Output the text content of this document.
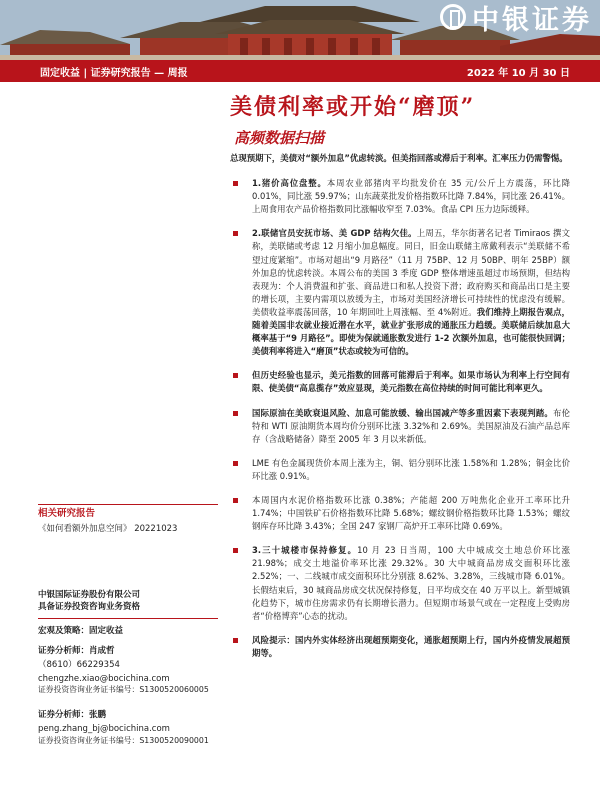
中银证券
固定收益 | 证券研究报告 — 周报	2022 年 10 月 30 日
美债利率或开始“磨顶”
高频数据扫描

总现预期下，美债对“额外加息”优虑转淡。但美指回落或滞后于利率。汇率压力仍需警惕。

1.猪价高位盘整。本周农业部猪肉平均批发价在 35 元/公斤上方震荡，环比降 0.01%，同比涨 59.97%；山东蔬菜批发价格指数环比降 7.84%，同比涨 26.41%。上周食用农产品价格指数同比涨幅收窄至 7.03%。食品 CPI 压力边际缓释。

2.联储官员安抚市场、美 GDP 结构欠佳。上周五，华尔街著名记者 Timiraos 撰文称，美联储或考虑 12 月缩小加息幅度。同日，旧金山联储主席戴利表示“美联储不希望过度紧缩”。市场对超出“9 月路径”（11 月 75BP、12 月 50BP、明年 25BP）额外加息的忧虑转淡。本周公布的美国 3 季度 GDP 整体增速虽超过市场预期，但结构表现为：个人消费温和扩张、商品进口和私人投资下滑；政府购买和商品出口是主要的增长项，主要内需项以放缓为主，市场对美国经济增长可持续性的忧虑没有缓解。美债收益率震荡回落，10 年期回吐上周涨幅、至 4%附近。我们维持上期报告观点，随着美国非农就业接近潜在水平，就业扩张形成的通胀压力趋缓。美联储后续加息大概率基于“9 月路径”。即使为保就通胀数发进行 1-2 次额外加息，也可能很快回调；美债利率将进入“磨顶”状态或较为可信的。

但历史经验也显示，美元指数的回落可能滞后于利率。如果市场认为利率上行空间有限、使美债“高息揽存”效应显现，美元指数在高位持续的时间可能比利率更久。

国际原油在美欧衰退风险、加息可能放缓、输出国减产等多重因素下表现判踏。布伦特和 WTI 原油期货本周均价分别环比涨 3.32%和 2.69%。美国原油及石油产品总库存（含战略储备）降至 2005 年 3 月以来新低。

LME 有色金属现货价本周上涨为主，铜、铝分别环比涨 1.58%和 1.28%；铜金比价环比涨 0.91%。

本周国内水泥价格指数环比涨 0.38%；产能超 200 万吨焦化企业开工率环比升 1.74%；中国铁矿石价格指数环比降 5.68%；螺纹钢价格指数环比降 1.53%；螺纹钢库存环比降 3.43%；全国 247 家钢厂高炉开工率环比降 0.69%。

3.三十城楼市保持修复。10 月 23 日当周，100 大中城成交土地总价环比涨 21.98%；成交土地溢价率环比涨 29.32%。30 大中城商品房成交面积环比涨 2.52%；一、二线城市成交面积环比分别涨 8.62%、3.28%，三线城市降 6.01%。长假结束后，30 城商品房成交状况保持修复，日平均成交在 40 万平以上。新型城镇化趋势下，城市住房需求仍有长期增长潜力。但短期市场景气或在一定程度上受购房者“价格博弈”心态的扰动。

风险提示：国内外实体经济出现超预期变化，通胀超预期上行，国内外疫情发展超预期等。

相关研究报告
《如何看额外加息空间》 20221023
中银国际证券股份有限公司
具备证券投资咨询业务资格
宏观及策略：固定收益
证券分析师：肖成哲
（8610）66229354
chengzhe.xiao@bocichina.com
证券投资咨询业务证书编号：S1300520060005
证券分析师：张鹏
peng.zhang_bj@bocichina.com
证券投资咨询业务证书编号：S1300520090001
